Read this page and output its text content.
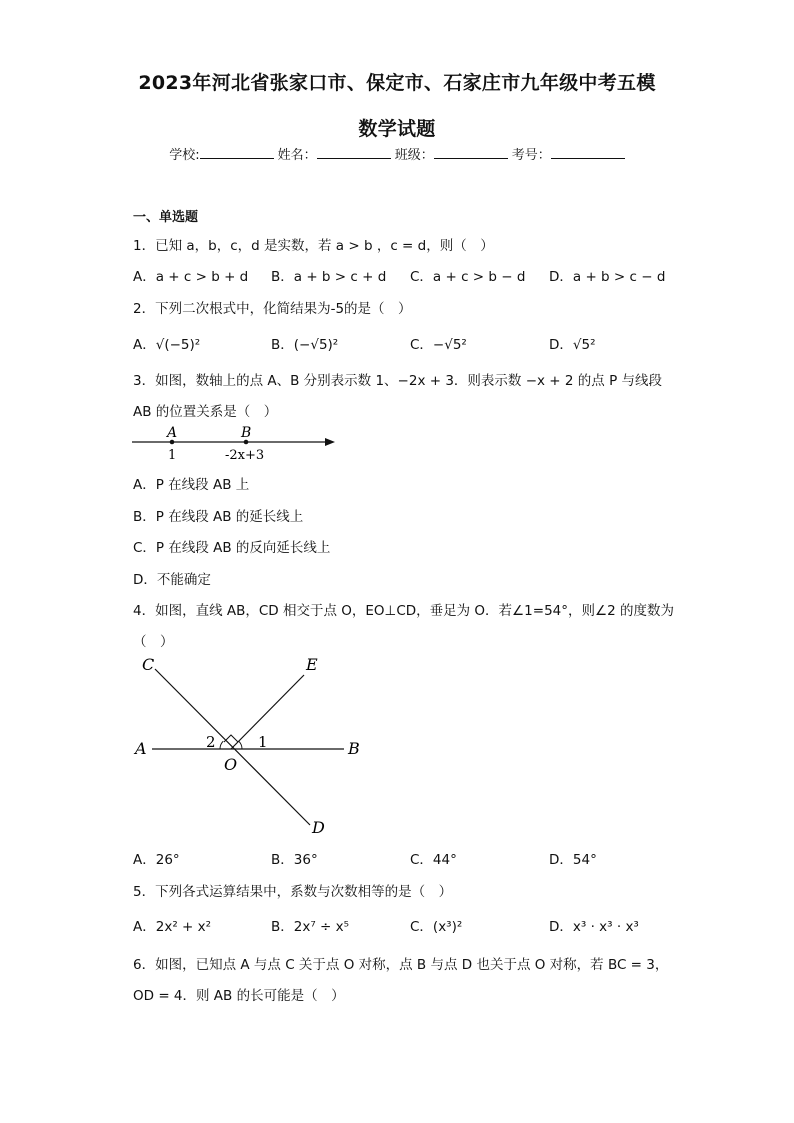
2023年河北省张家口市、保定市、石家庄市九年级中考五模
数学试题
学校:	姓名：	班级：	考号：
一、单选题
1．已知 a，b，c，d 是实数，若 a > b ，c = d，则（　）
A．a + c > b + d B．a + b > c + d C．a + c > b − d D．a + b > c − d
2．下列二次根式中，化简结果为-5的是（　）
A．√(−5)²	B．(−√5)²	C．−√5²	D．√5²
3．如图，数轴上的点 A、B 分别表示数 1、−2x + 3．则表示数 −x + 2 的点 P 与线段
AB 的位置关系是（　）
A	B
1	-2x+3
A．P 在线段 AB 上
B．P 在线段 AB 的延长线上
C．P 在线段 AB 的反向延长线上
D．不能确定
4．如图，直线 AB，CD 相交于点 O，EO⊥CD，垂足为 O．若∠1=54°，则∠2 的度数为
（　）
C	E
A	B
O
D
2	1
A．26°	B．36°	C．44°	D．54°
5．下列各式运算结果中，系数与次数相等的是（　）
A．2x² + x²	B．2x⁷ ÷ x⁵	C．(x³)²	D．x³ · x³ · x³
6．如图，已知点 A 与点 C 关于点 O 对称，点 B 与点 D 也关于点 O 对称，若 BC = 3，
OD = 4．则 AB 的长可能是（　）
